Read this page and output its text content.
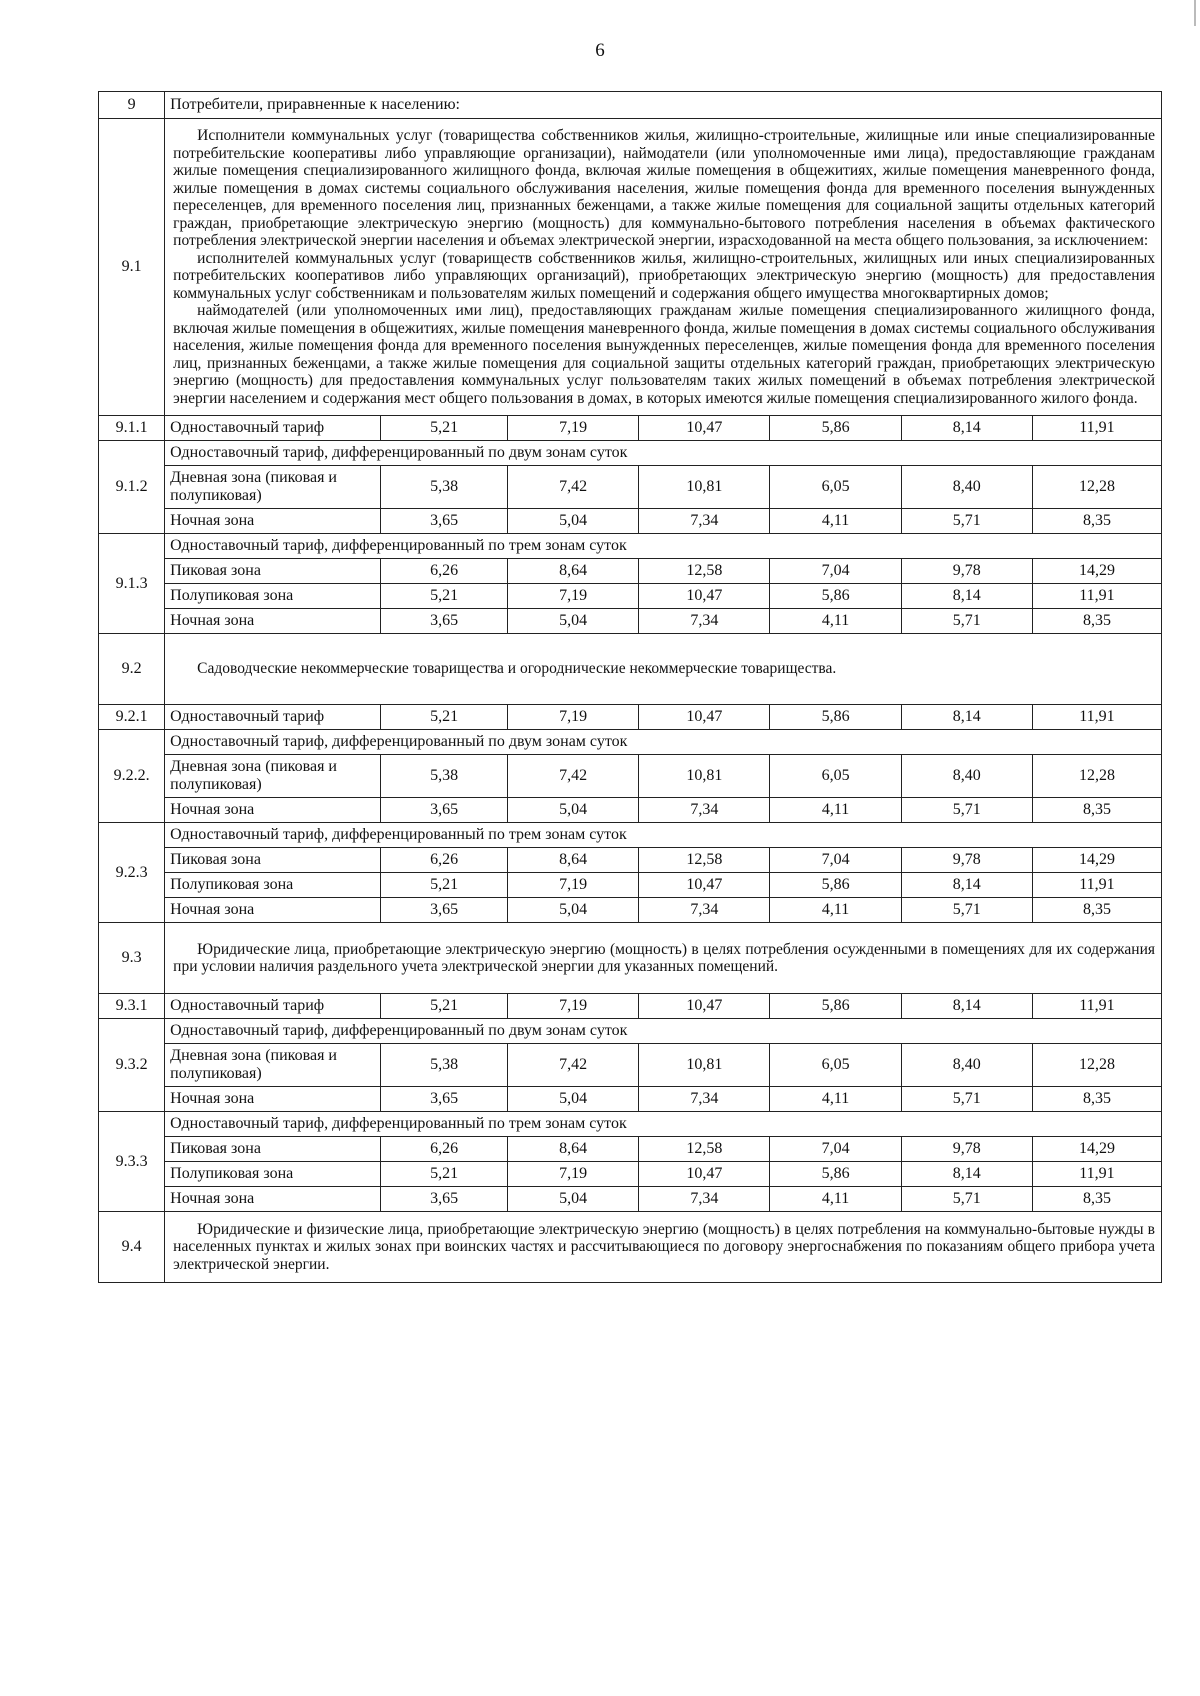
6
9	Потребители, приравненные к населению:						
9.1	Исполнители коммунальных услуг (товарищества собственников жилья, жилищно-строительные, жилищные или иные специализированные потребительские кооперативы либо управляющие организации), наймодатели (или уполномоченные ими лица), предоставляющие гражданам жилые помещения специализированного жилищного фонда, включая жилые помещения в общежитиях, жилые помещения маневренного фонда, жилые помещения в домах системы социального обслуживания населения, жилые помещения фонда для временного поселения вынужденных переселенцев, для временного поселения лиц, признанных беженцами, а также жилые помещения для социальной защиты отдельных категорий граждан, приобретающие электрическую энергию (мощность) для коммунально-бытового потребления населения в объемах фактического потребления электрической энергии населения и объемах электрической энергии, израсходованной на места общего пользования, за исключением:

исполнителей коммунальных услуг (товариществ собственников жилья, жилищно-строительных, жилищных или иных специализированных потребительских кооперативов либо управляющих организаций), приобретающих электрическую энергию (мощность) для предоставления коммунальных услуг собственникам и пользователям жилых помещений и содержания общего имущества многоквартирных домов;

наймодателей (или уполномоченных ими лиц), предоставляющих гражданам жилые помещения специализированного жилищного фонда, включая жилые помещения в общежитиях, жилые помещения маневренного фонда, жилые помещения в домах системы социального обслуживания населения, жилые помещения фонда для временного поселения вынужденных переселенцев, жилые помещения фонда для временного поселения лиц, признанных беженцами, а также жилые помещения для социальной защиты отдельных категорий граждан, приобретающих электрическую энергию (мощность) для предоставления коммунальных услуг пользователям таких жилых помещений в объемах потребления электрической энергии населением и содержания мест общего пользования в домах, в которых имеются жилые помещения специализированного жилого фонда.						

9.1.1	Одноставочный тариф	5,21	7,19	10,47	5,86	8,14	11,91
9.1.2	Одноставочный тариф, дифференцированный по двум зонам суток						
	Дневная зона (пиковая и полупиковая)	5,38	7,42	10,81	6,05	8,40	12,28
	Ночная зона	3,65	5,04	7,34	4,11	5,71	8,35
9.1.3	Одноставочный тариф, дифференцированный по трем зонам суток						
	Пиковая зона	6,26	8,64	12,58	7,04	9,78	14,29
	Полупиковая зона	5,21	7,19	10,47	5,86	8,14	11,91
	Ночная зона	3,65	5,04	7,34	4,11	5,71	8,35
9.2	Садоводческие некоммерческие товарищества и огороднические некоммерческие товарищества.						

9.2.1	Одноставочный тариф	5,21	7,19	10,47	5,86	8,14	11,91
9.2.2.	Одноставочный тариф, дифференцированный по двум зонам суток						
	Дневная зона (пиковая и полупиковая)	5,38	7,42	10,81	6,05	8,40	12,28
	Ночная зона	3,65	5,04	7,34	4,11	5,71	8,35
9.2.3	Одноставочный тариф, дифференцированный по трем зонам суток						
	Пиковая зона	6,26	8,64	12,58	7,04	9,78	14,29
	Полупиковая зона	5,21	7,19	10,47	5,86	8,14	11,91
	Ночная зона	3,65	5,04	7,34	4,11	5,71	8,35
9.3	Юридические лица, приобретающие электрическую энергию (мощность) в целях потребления осужденными в помещениях для их содержания при условии наличия раздельного учета электрической энергии для указанных помещений.						

9.3.1	Одноставочный тариф	5,21	7,19	10,47	5,86	8,14	11,91
9.3.2	Одноставочный тариф, дифференцированный по двум зонам суток						
	Дневная зона (пиковая и полупиковая)	5,38	7,42	10,81	6,05	8,40	12,28
	Ночная зона	3,65	5,04	7,34	4,11	5,71	8,35
9.3.3	Одноставочный тариф, дифференцированный по трем зонам суток						
	Пиковая зона	6,26	8,64	12,58	7,04	9,78	14,29
	Полупиковая зона	5,21	7,19	10,47	5,86	8,14	11,91
	Ночная зона	3,65	5,04	7,34	4,11	5,71	8,35
9.4	Юридические и физические лица, приобретающие электрическую энергию (мощность) в целях потребления на коммунально-бытовые нужды в населенных пунктах и жилых зонах при воинских частях и рассчитывающиеся по договору энергоснабжения по показаниям общего прибора учета электрической энергии.						
